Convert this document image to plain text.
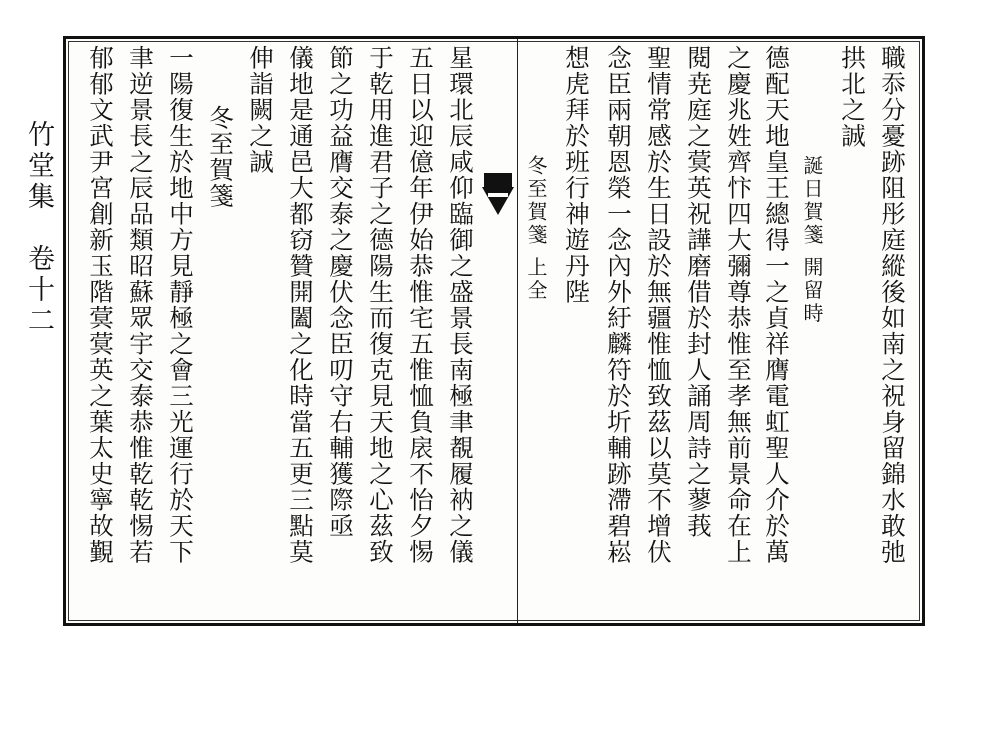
竹堂集　卷十二	職忝分憂跡阻彤庭縱後如南之祝身留錦水敢弛
拱北之誠
誕日賀箋 開留時
德配天地皇王總得一之貞祥膺電虹聖人介於萬
之慶兆姓齊忭四大彌尊恭惟至孝無前景命在上
閱尭庭之蓂英祝譁磨借於封人誦周詩之蓼莪
聖情常感於生日設於無疆惟恤致茲以莫不增伏
念臣兩朝恩榮一念內外紆麟符於圻輔跡滯碧崧
想虎拜於班行神遊丹陛
冬至賀箋 上全
星環北辰咸仰臨御之盛景長南極聿覩履衲之儀
五日以迎億年伊始恭惟宅五惟恤負扆不怡夕惕
于乾用進君子之德陽生而復克見天地之心茲致
節之功益膺交泰之慶伏念臣叨守右輔獲際亟
儀地是通邑大都窃贊開闔之化時當五更三點莫
伸詣闕之誠
冬至賀箋
一陽復生於地中方見靜極之會三光運行於天下
聿逆景長之辰品類昭蘇眾宇交泰恭惟乾乾惕若
郁郁文武尹宮創新玉階蓂蓂英之葉太史寧故覲
